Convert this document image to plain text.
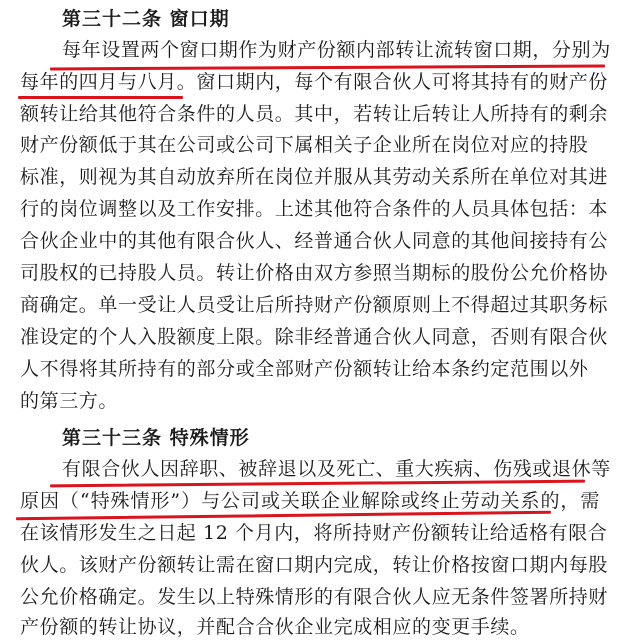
第三十二条 窗口期
每年设置两个窗口期作为财产份额内部转让流转窗口期，分别为
每年的四月与八月。窗口期内，每个有限合伙人可将其持有的财产份
额转让给其他符合条件的人员。其中，若转让后转让人所持有的剩余
财产份额低于其在公司或公司下属相关子企业所在岗位对应的持股
标准，则视为其自动放弃所在岗位并服从其劳动关系所在单位对其进
行的岗位调整以及工作安排。上述其他符合条件的人员具体包括：本
合伙企业中的其他有限合伙人、经普通合伙人同意的其他间接持有公
司股权的已持股人员。转让价格由双方参照当期标的股份公允价格协
商确定。单一受让人员受让后所持财产份额原则上不得超过其职务标
准设定的个人入股额度上限。除非经普通合伙人同意，否则有限合伙
人不得将其所持有的部分或全部财产份额转让给本条约定范围以外
的第三方。
第三十三条 特殊情形
有限合伙人因辞职、被辞退以及死亡、重大疾病、伤残或退休等
原因（“特殊情形”）与公司或关联企业解除或终止劳动关系的，需
在该情形发生之日起 12 个月内，将所持财产份额转让给适格有限合
伙人。该财产份额转让需在窗口期内完成，转让价格按窗口期内每股
公允价格确定。发生以上特殊情形的有限合伙人应无条件签署所持财
产份额的转让协议，并配合合伙企业完成相应的变更手续。
